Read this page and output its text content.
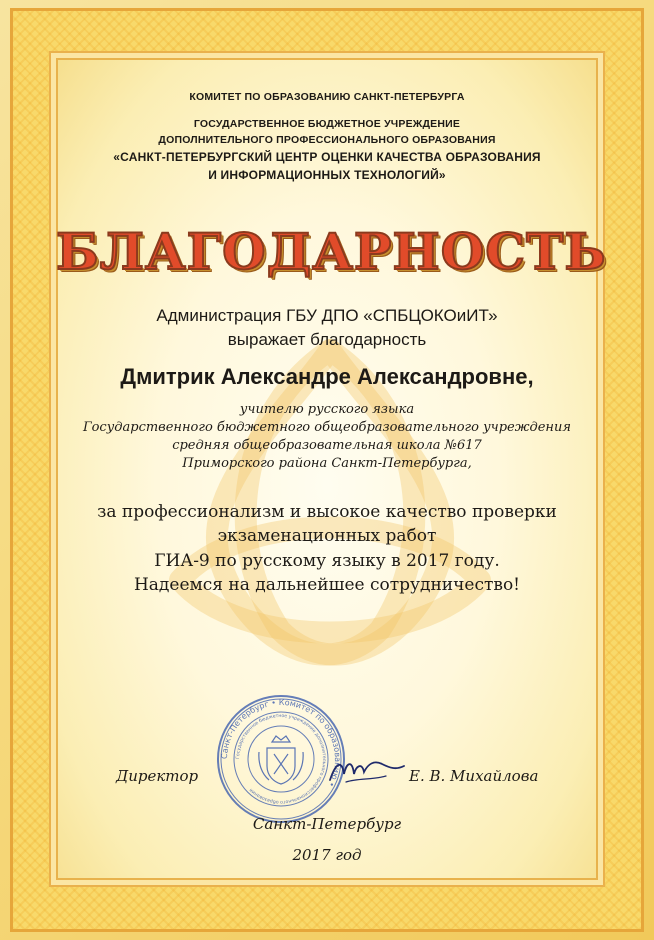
КОМИТЕТ ПО ОБРАЗОВАНИЮ САНКТ-ПЕТЕРБУРГА
ГОСУДАРСТВЕННОЕ БЮДЖЕТНОЕ УЧРЕЖДЕНИЕ
ДОПОЛНИТЕЛЬНОГО ПРОФЕССИОНАЛЬНОГО ОБРАЗОВАНИЯ
«САНКТ-ПЕТЕРБУРГСКИЙ ЦЕНТР ОЦЕНКИ КАЧЕСТВА ОБРАЗОВАНИЯ
И ИНФОРМАЦИОННЫХ ТЕХНОЛОГИЙ»
БЛАГОДАРНОСТЬ
Администрация ГБУ ДПО «СПБЦОКОиИТ»
выражает благодарность
Дмитрик Александре Александровне,
учителю русского языка
Государственного бюджетного общеобразовательного учреждения
средняя общеобразовательная школа №617
Приморского района Санкт-Петербурга,
за профессионализм и высокое качество проверки
экзаменационных работ
ГИА-9 по русскому языку в 2017 году.
Надеемся на дальнейшее сотрудничество!
Санкт-Петербург • Комитет по образованию •
Государственное бюджетное учреждение дополнительного профессионального образования
Директор	Е. В. Михайлова
Санкт-Петербург
2017 год
